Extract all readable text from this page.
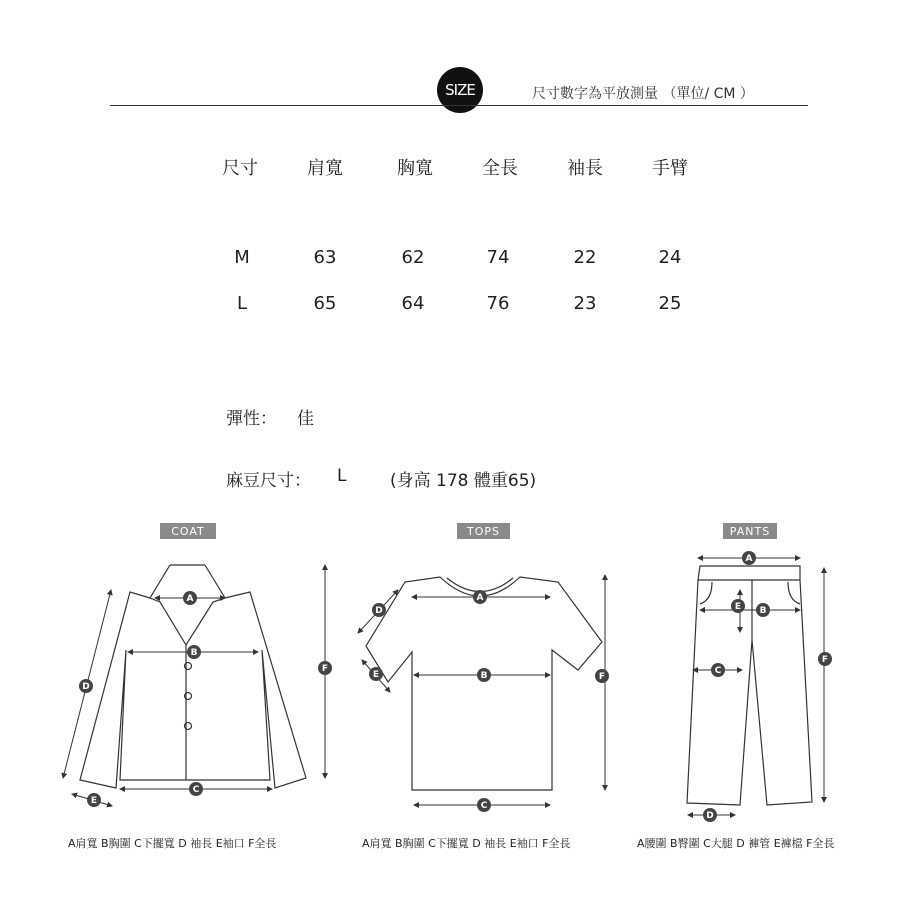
SIZE	尺寸數字為平放測量 （單位/ CM ）
尺寸	肩寬	胸寬	全長	袖長	手臂
M	63	62	74	22	24
L	65	64	76	23	25
彈性： 佳
麻豆尺寸： L	(身高 178 體重65)
COAT	TOPS	PANTS
A
B
C
D
E
F
A
B
C
D
E	F
A
B
C
D
E
F
A肩寬 B胸圍 C下擺寬 D 袖長 E袖口 F全長	A肩寬 B胸圍 C下擺寬 D 袖長 E袖口 F全長	A腰圍 B臀圍 C大腿 D 褲管 E褲檔 F全長
